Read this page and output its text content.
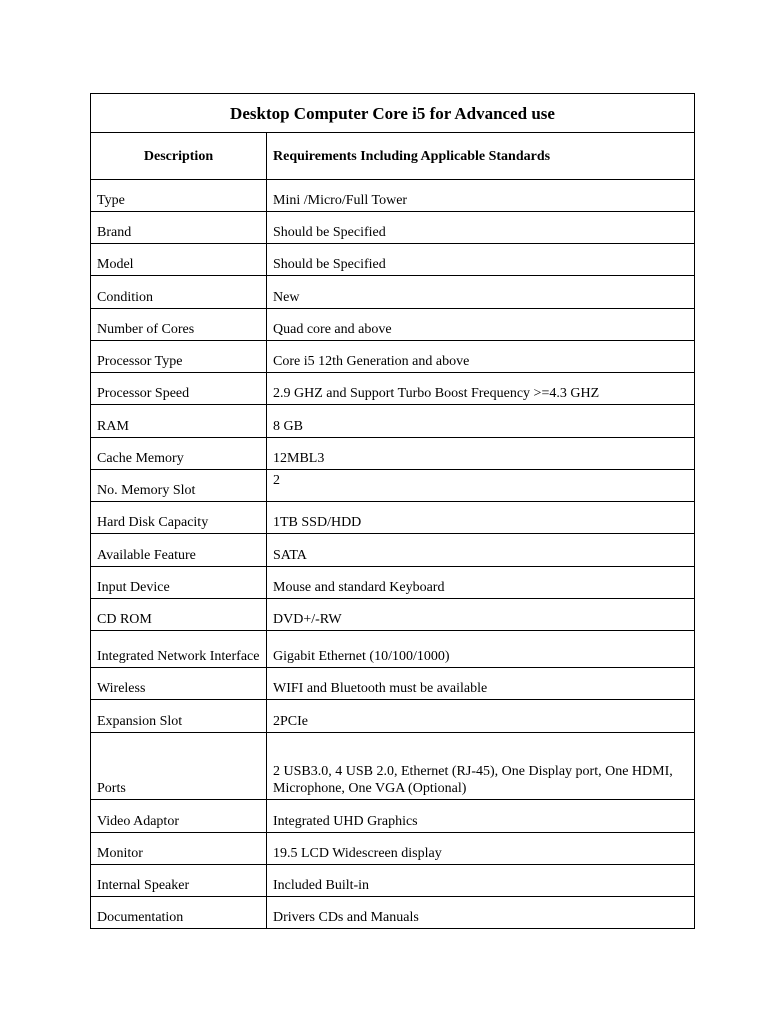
Desktop Computer Core i5 for Advanced use	
Description	Requirements Including Applicable Standards
Type	Mini /Micro/Full Tower
Brand	Should be Specified
Model	Should be Specified
Condition	New
Number of Cores	Quad core and above
Processor Type	Core i5 12th Generation and above
Processor Speed	2.9 GHZ and Support Turbo Boost Frequency >=4.3 GHZ
RAM	8 GB
Cache Memory	12MBL3
No. Memory Slot	2
Hard Disk Capacity	1TB SSD/HDD
Available Feature	SATA
Input Device	Mouse and standard Keyboard
CD ROM	DVD+/-RW
Integrated Network Interface	Gigabit Ethernet (10/100/1000)
Wireless	WIFI and Bluetooth must be available
Expansion Slot	2PCIe
Ports	2 USB3.0, 4 USB 2.0, Ethernet (RJ-45), One Display port, One HDMI, Microphone, One VGA (Optional)
Video Adaptor	Integrated UHD Graphics
Monitor	19.5 LCD Widescreen display
Internal Speaker	Included Built-in
Documentation	Drivers CDs and Manuals
